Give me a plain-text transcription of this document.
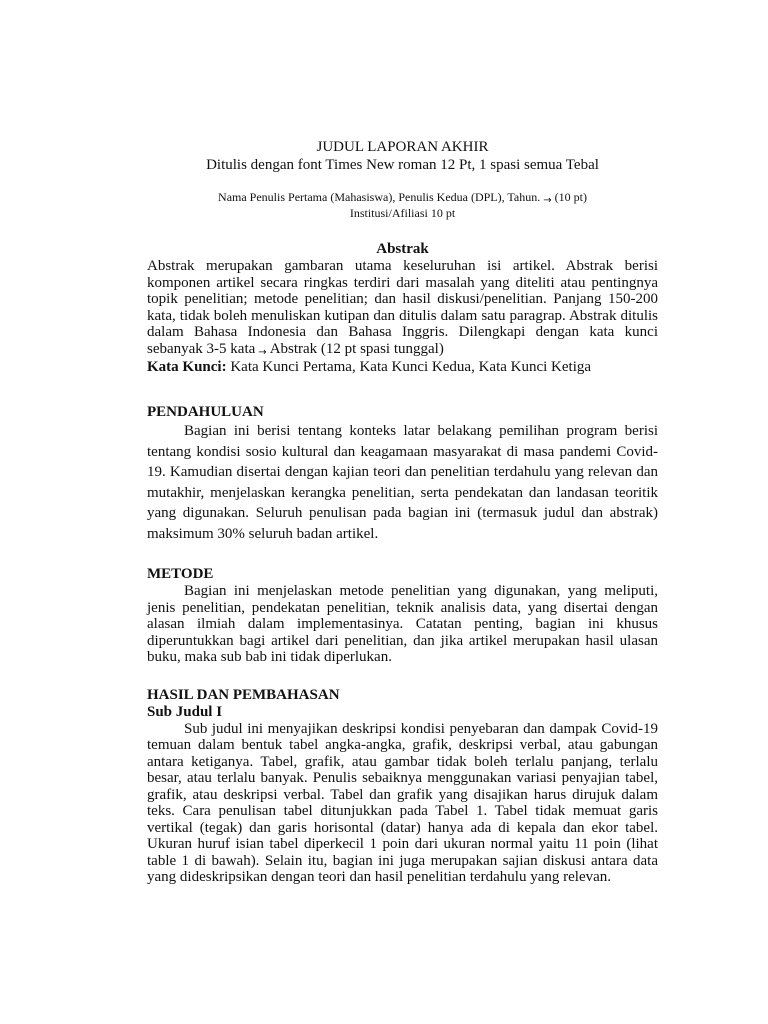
JUDUL LAPORAN AKHIR
Ditulis dengan font Times New roman 12 Pt, 1 spasi semua Tebal
Nama Penulis Pertama (Mahasiswa), Penulis Kedua (DPL), Tahun. → (10 pt)
Institusi/Afiliasi 10 pt
Abstrak

Abstrak merupakan gambaran utama keseluruhan isi artikel. Abstrak berisi komponen artikel secara ringkas terdiri dari masalah yang diteliti atau pentingnya topik penelitian; metode penelitian; dan hasil diskusi/penelitian. Panjang 150-200 kata, tidak boleh menuliskan kutipan dan ditulis dalam satu paragrap. Abstrak ditulis dalam Bahasa Indonesia dan Bahasa Inggris. Dilengkapi dengan kata kunci sebanyak 3-5 kata → Abstrak (12 pt spasi tunggal)

Kata Kunci: Kata Kunci Pertama, Kata Kunci Kedua, Kata Kunci Ketiga

PENDAHULUAN

Bagian ini berisi tentang konteks latar belakang pemilihan program berisi tentang kondisi sosio kultural dan keagamaan masyarakat di masa pandemi Covid-19. Kamudian disertai dengan kajian teori dan penelitian terdahulu yang relevan dan mutakhir, menjelaskan kerangka penelitian, serta pendekatan dan landasan teoritik yang digunakan. Seluruh penulisan pada bagian ini (termasuk judul dan abstrak) maksimum 30% seluruh badan artikel.

METODE

Bagian ini menjelaskan metode penelitian yang digunakan, yang meliputi, jenis penelitian, pendekatan penelitian, teknik analisis data, yang disertai dengan alasan ilmiah dalam implementasinya. Catatan penting, bagian ini khusus diperuntukkan bagi artikel dari penelitian, dan jika artikel merupakan hasil ulasan buku, maka sub bab ini tidak diperlukan.

HASIL DAN PEMBAHASAN
Sub Judul I

Sub judul ini menyajikan deskripsi kondisi penyebaran dan dampak Covid-19 temuan dalam bentuk tabel angka-angka, grafik, deskripsi verbal, atau gabungan antara ketiganya. Tabel, grafik, atau gambar tidak boleh terlalu panjang, terlalu besar, atau terlalu banyak. Penulis sebaiknya menggunakan variasi penyajian tabel, grafik, atau deskripsi verbal. Tabel dan grafik yang disajikan harus dirujuk dalam teks. Cara penulisan tabel ditunjukkan pada Tabel 1. Tabel tidak memuat garis vertikal (tegak) dan garis horisontal (datar) hanya ada di kepala dan ekor tabel. Ukuran huruf isian tabel diperkecil 1 poin dari ukuran normal yaitu 11 poin (lihat table 1 di bawah). Selain itu, bagian ini juga merupakan sajian diskusi antara data yang dideskripsikan dengan teori dan hasil penelitian terdahulu yang relevan.
